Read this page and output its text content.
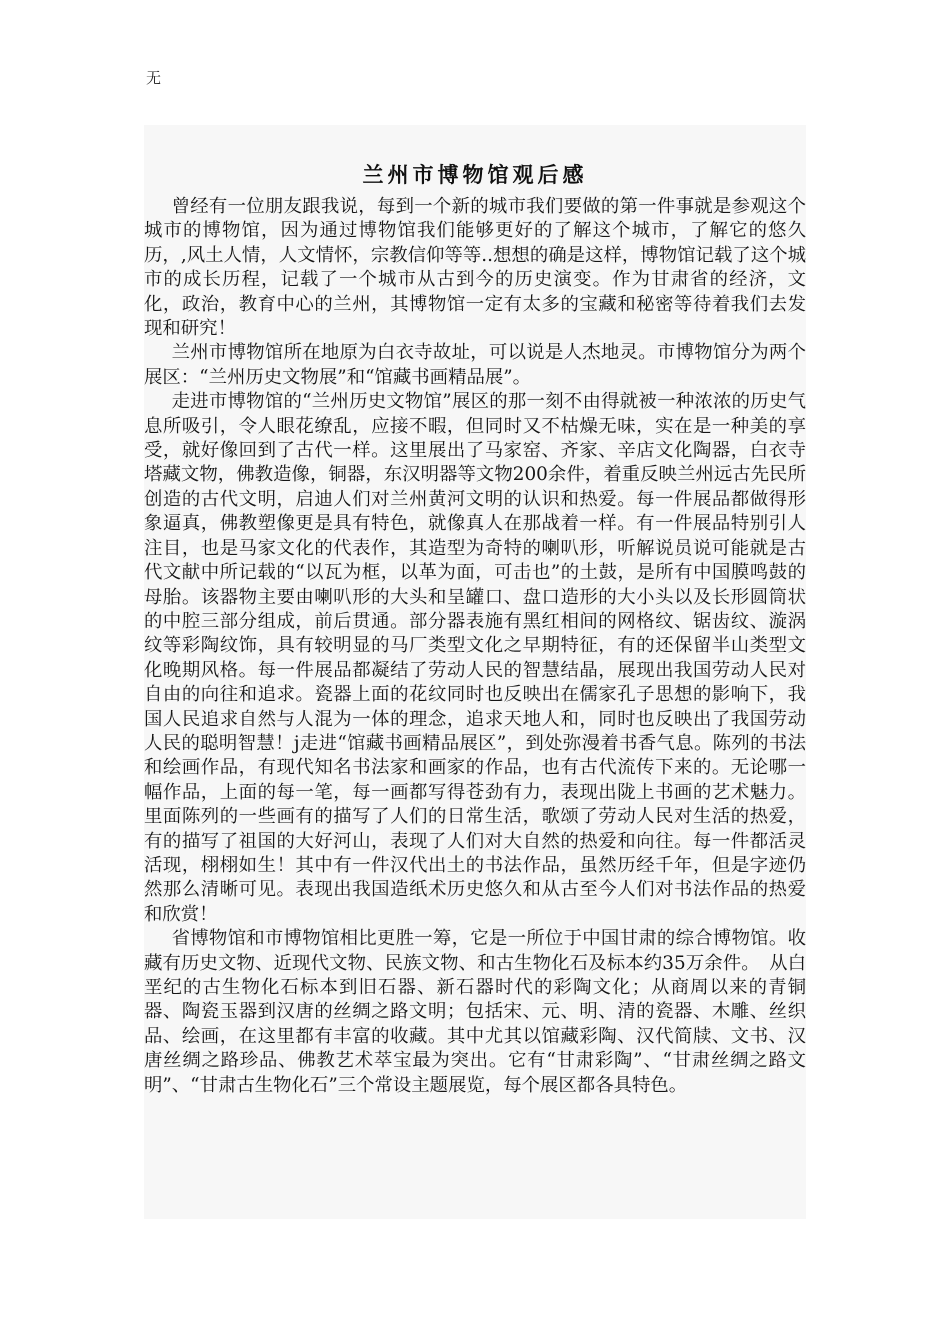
无
兰州市博物馆观后感

曾经有一位朋友跟我说，每到一个新的城市我们要做的第一件事就是参观这个城市的博物馆，因为通过博物馆我们能够更好的了解这个城市，了解它的悠久历，,风土人情，人文情怀，宗教信仰等等..想想的确是这样，博物馆记载了这个城市的成长历程，记载了一个城市从古到今的历史演变。作为甘肃省的经济，文化，政治，教育中心的兰州，其博物馆一定有太多的宝藏和秘密等待着我们去发现和研究！

兰州市博物馆所在地原为白衣寺故址，可以说是人杰地灵。市博物馆分为两个展区：“兰州历史文物展”和“馆藏书画精品展”。

走进市博物馆的“兰州历史文物馆”展区的那一刻不由得就被一种浓浓的历史气息所吸引，令人眼花缭乱，应接不暇，但同时又不枯燥无味，实在是一种美的享受，就好像回到了古代一样。这里展出了马家窑、齐家、辛店文化陶器，白衣寺塔藏文物，佛教造像，铜器，东汉明器等文物200余件，着重反映兰州远古先民所创造的古代文明，启迪人们对兰州黄河文明的认识和热爱。每一件展品都做得形象逼真，佛教塑像更是具有特色，就像真人在那战着一样。有一件展品特别引人注目，也是马家文化的代表作，其造型为奇特的喇叭形，听解说员说可能就是古代文献中所记载的“以瓦为框，以革为面，可击也”的土鼓，是所有中国膜鸣鼓的母胎。该器物主要由喇叭形的大头和呈罐口、盘口造形的大小头以及长形圆筒状的中腔三部分组成，前后贯通。部分器表施有黑红相间的网格纹、锯齿纹、漩涡纹等彩陶纹饰，具有较明显的马厂类型文化之早期特征，有的还保留半山类型文化晚期风格。每一件展品都凝结了劳动人民的智慧结晶，展现出我国劳动人民对自由的向往和追求。瓷器上面的花纹同时也反映出在儒家孔子思想的影响下，我国人民追求自然与人混为一体的理念，追求天地人和，同时也反映出了我国劳动人民的聪明智慧！j走进“馆藏书画精品展区”，到处弥漫着书香气息。陈列的书法和绘画作品，有现代知名书法家和画家的作品，也有古代流传下来的。无论哪一幅作品，上面的每一笔，每一画都写得苍劲有力，表现出陇上书画的艺术魅力。里面陈列的一些画有的描写了人们的日常生活，歌颂了劳动人民对生活的热爱，有的描写了祖国的大好河山，表现了人们对大自然的热爱和向往。每一件都活灵活现，栩栩如生！其中有一件汉代出土的书法作品，虽然历经千年，但是字迹仍然那么清晰可见。表现出我国造纸术历史悠久和从古至今人们对书法作品的热爱和欣赏！

省博物馆和市博物馆相比更胜一筹，它是一所位于中国甘肃的综合博物馆。收藏有历史文物、近现代文物、民族文物、和古生物化石及标本约35万余件。　从白垩纪的古生物化石标本到旧石器、新石器时代的彩陶文化；从商周以来的青铜器、陶瓷玉器到汉唐的丝绸之路文明；包括宋、元、明、清的瓷器、木雕、丝织品、绘画，在这里都有丰富的收藏。其中尤其以馆藏彩陶、汉代简牍、文书、汉唐丝绸之路珍品、佛教艺术萃宝最为突出。它有“甘肃彩陶”、“甘肃丝绸之路文明”、“甘肃古生物化石”三个常设主题展览，每个展区都各具特色。
